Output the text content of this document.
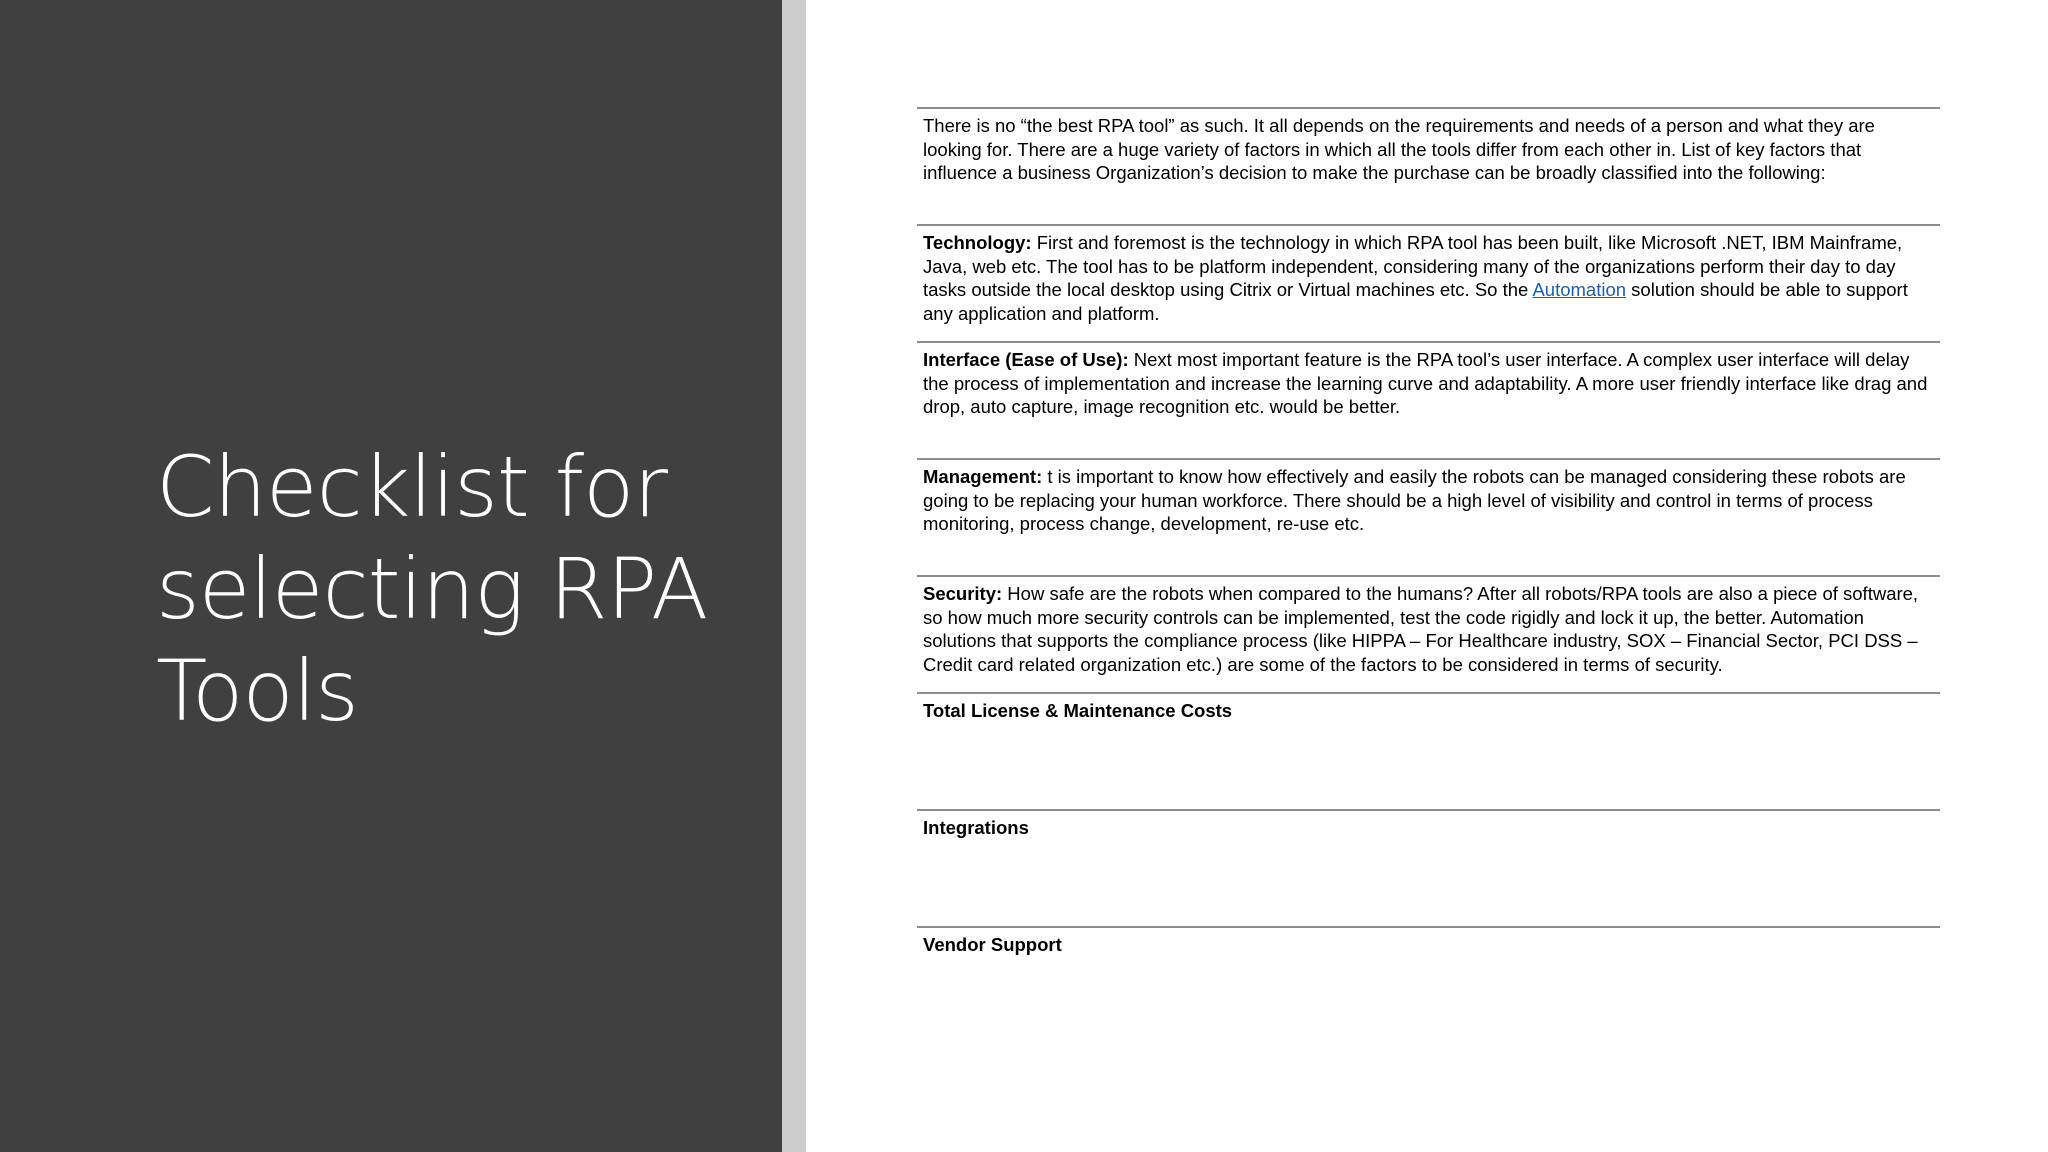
Checklist for
selecting RPA
Tools
There is no “the best RPA tool” as such. It all depends on the requirements and needs of a person and what they are looking for. There are a huge variety of factors in which all the tools differ from each other in. List of key factors that influence a business Organization’s decision to make the purchase can be broadly classified into the following:
Technology: First and foremost is the technology in which RPA tool has been built, like Microsoft .NET, IBM Mainframe, Java, web etc. The tool has to be platform independent, considering many of the organizations perform their day to day tasks outside the local desktop using Citrix or Virtual machines etc. So the Automation solution should be able to support any application and platform.
Interface (Ease of Use): Next most important feature is the RPA tool’s user interface. A complex user interface will delay the process of implementation and increase the learning curve and adaptability. A more user friendly interface like drag and drop, auto capture, image recognition etc. would be better.
Management: t is important to know how effectively and easily the robots can be managed considering these robots are going to be replacing your human workforce. There should be a high level of visibility and control in terms of process monitoring, process change, development, re-use etc.
Security: How safe are the robots when compared to the humans? After all robots/RPA tools are also a piece of software, so how much more security controls can be implemented, test the code rigidly and lock it up, the better. Automation solutions that supports the compliance process (like HIPPA – For Healthcare industry, SOX – Financial Sector, PCI DSS – Credit card related organization etc.) are some of the factors to be considered in terms of security.
Total License & Maintenance Costs
Integrations
Vendor Support
